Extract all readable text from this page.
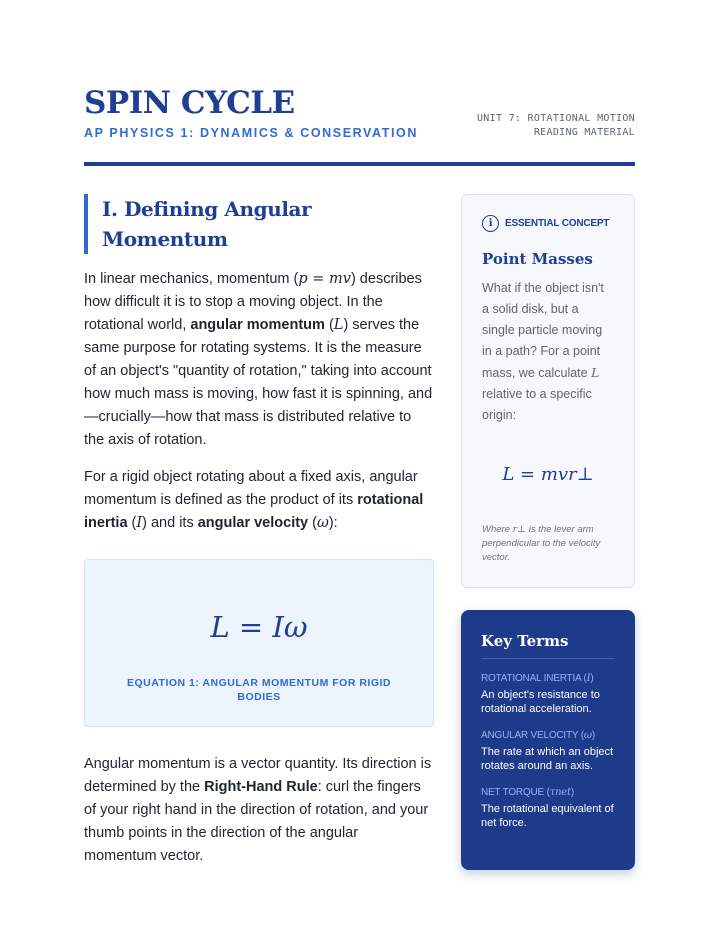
SPIN CYCLE
AP PHYSICS 1: DYNAMICS & CONSERVATION
UNIT 7: ROTATIONAL MOTION
READING MATERIAL
I. Defining Angular Momentum

In linear mechanics, momentum (p = mv) describes how difficult it is to stop a moving object. In the rotational world, angular momentum (L) serves the same purpose for rotating systems. It is the measure of an object's "quantity of rotation," taking into account how much mass is moving, how fast it is spinning, and—crucially—how that mass is distributed relative to the axis of rotation.

For a rigid object rotating about a fixed axis, angular momentum is defined as the product of its rotational inertia (I) and its angular velocity (ω):

L = Iω
EQUATION 1: ANGULAR MOMENTUM FOR RIGID BODIES

Angular momentum is a vector quantity. Its direction is determined by the Right-Hand Rule: curl the fingers of your right hand in the direction of rotation, and your thumb points in the direction of the angular momentum vector.

i	ESSENTIAL CONCEPT
Point Masses

What if the object isn't a solid disk, but a single particle moving in a path? For a point mass, we calculate L relative to a specific origin:

L = mvr⊥

Where r⊥ is the lever arm perpendicular to the velocity vector.

Key Terms
ROTATIONAL INERTIA (I)
An object's resistance to rotational acceleration.
ANGULAR VELOCITY (ω)
The rate at which an object rotates around an axis.
NET TORQUE (τnet)
The rotational equivalent of net force.
